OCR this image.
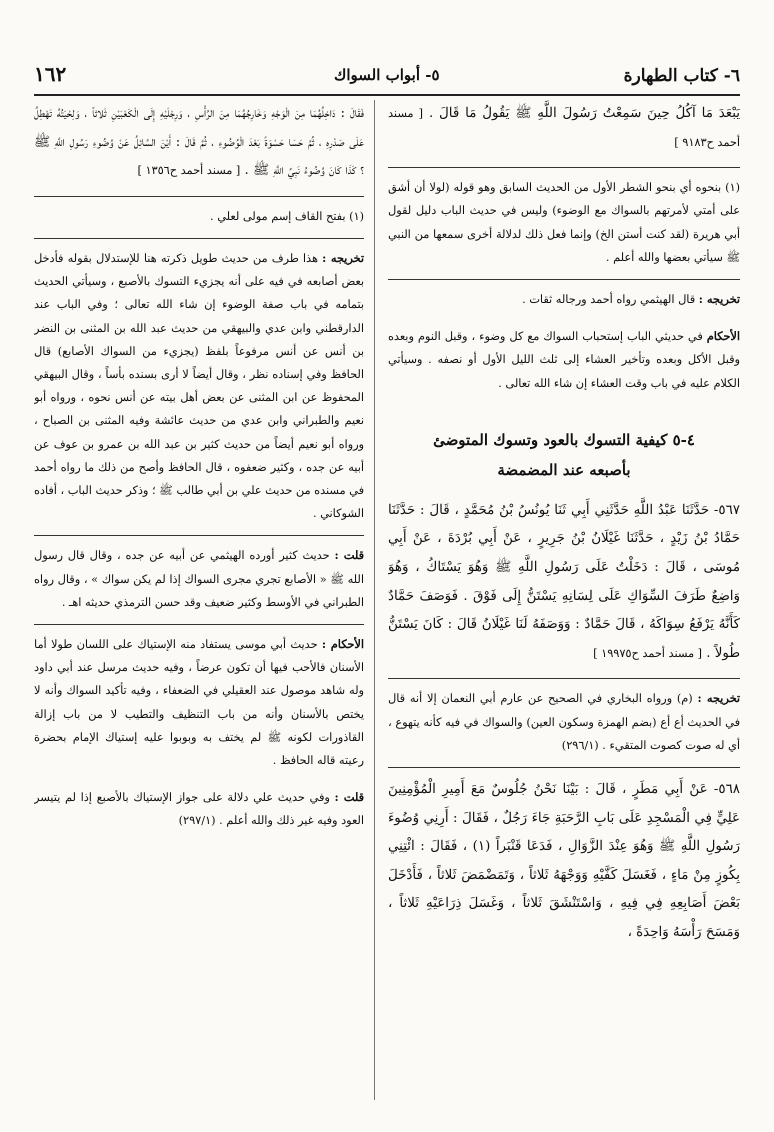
٦- كتاب الطهارة
٥- أبواب السواك
١٦٢

يَبْعَدَ مَا آكُلُ حِينَ سَمِعْتُ رَسُولَ اللَّهِ ﷺ يَقُولُ مَا قَالَ . [ مسند أحمد ح٩١٨٣ ]

(١) بنحوه أي بنحو الشطر الأول من الحديث السابق وهو قوله (لولا أن أشق على أمتي لأمرتهم بالسواك مع الوضوء) وليس في حديث الباب دليل لقول أبي هريرة (لقد كنت أستن الخ) وإنما فعل ذلك لدلالة أخرى سمعها من النبي ﷺ سيأتي بعضها والله أعلم .

تخريجه : قال الهيثمي رواه أحمد ورجاله ثقات .

الأحكام في حديثي الباب إستحباب السواك مع كل وضوء ، وقبل النوم وبعده وقبل الأكل وبعده وتأخير العشاء إلى ثلث الليل الأول أو نصفه . وسيأتي الكلام عليه في باب وقت العشاء إن شاء الله تعالى .

٤-٥ كيفية التسوك بالعود وتسوك المتوضئ
بأصبعه عند المضمضة

٥٦٧- حَدَّثَنَا عَبْدُ اللَّهِ حَدَّثَنِي أَبِي ثَنَا يُونُسُ بْنُ مُحَمَّدٍ ، قَالَ : حَدَّثَنَا حَمَّادُ بْنُ زَيْدٍ ، حَدَّثَنَا غَيْلَانُ بْنُ جَرِيرٍ ، عَنْ أَبِي بُرْدَةَ ، عَنْ أَبِي مُوسَى ، قَالَ : دَخَلْتُ عَلَى رَسُولِ اللَّهِ ﷺ وَهُوَ يَسْتَاكُ ، وَهُوَ وَاضِعٌ طَرَفَ السِّوَاكِ عَلَى لِسَانِهِ يَسْتَنُّ إِلَى فَوْقَ . فَوَصَفَ حَمَّادٌ كَأَنَّهُ يَرْفَعُ سِوَاكَهُ ، قَالَ حَمَّادٌ : وَوَصَفَهُ لَنَا غَيْلَانُ قَالَ : كَانَ يَسْتَنُّ طُولاً . [ مسند أحمد ح١٩٩٧٥ ]

تخريجه : (م) ورواه البخاري في الصحيح عن عارم أبي النعمان إلا أنه قال في الحديث أع أع (بضم الهمزة وسكون العين) والسواك في فيه كأنه يتهوع ، أي له صوت كصوت المتقيء . (٢٩٦/١)

٥٦٨- عَنْ أَبِي مَطَرٍ ، قَالَ : بَيْنَا نَحْنُ جُلُوسٌ مَعَ أَمِيرِ الْمُؤْمِنِينَ عَلِيٍّ فِي الْمَسْجِدِ عَلَى بَابِ الرَّحَبَةِ جَاءَ رَجُلٌ ، فَقَالَ : أَرِنِي وُضُوءَ رَسُولِ اللَّهِ ﷺ وَهُوَ عِنْدَ الزَّوَالِ ، فَدَعَا قَنْبَراً (١) ، فَقَالَ : ائْتِنِي بِكُوزٍ مِنْ مَاءٍ ، فَغَسَلَ كَفَّيْهِ وَوَجْهَهُ ثَلاثاً ، وَتَمَضْمَضَ ثَلاثاً ، فَأَدْخَلَ بَعْضَ أَصَابِعِهِ فِي فِيهِ ، وَاسْتَنْشَقَ ثَلاثاً ، وَغَسَلَ ذِرَاعَيْهِ ثَلاثاً ، وَمَسَحَ رَأْسَهُ وَاحِدَةً ،

فَقَالَ : دَاخِلُهُمَا مِنَ الْوَجْهِ وَخَارِجُهُمَا مِنَ الرَّأْسِ ، وَرِجْلَيْهِ إِلَى الْكَعْبَيْنِ ثَلاثاً ، وَلِحْيَتُهُ تَهْطِلُ عَلَى صَدْرِهِ ، ثُمَّ حَسَا حَسْوَةً بَعْدَ الْوُضُوءِ ، ثُمَّ قَالَ : أَيْنَ السَّائِلُ عَنْ وُضُوءِ رَسُولِ اللَّهِ ﷺ ؟ كَذَا كَانَ وُضُوءُ نَبِيِّ اللَّهِ ﷺ . [ مسند أحمد ح١٣٥٦ ]

(١) بفتح القاف إسم مولى لعلي .

تخريجه : هذا طرف من حديث طويل ذكرته هنا للإستدلال بقوله فأدخل بعض أصابعه في فيه على أنه يجزيء التسوك بالأصبع ، وسيأتي الحديث بتمامه في باب صفة الوضوء إن شاء الله تعالى ؛ وفي الباب عند الدارقطني وابن عدي والبيهقي من حديث عبد الله بن المثنى بن النضر بن أنس عن أنس مرفوعاً بلفظ (يجزيء من السواك الأصابع) قال الحافظ وفي إسناده نظر ، وقال أيضاً لا أرى بسنده بأساً ، وقال البيهقي المحفوظ عن ابن المثنى عن بعض أهل بيته عن أنس نحوه ، ورواه أبو نعيم والطبراني وابن عدي من حديث عائشة وفيه المثنى بن الصباح ، ورواه أبو نعيم أيضاً من حديث كثير بن عبد الله بن عمرو بن عوف عن أبيه عن جده ، وكثير ضعفوه ، قال الحافظ وأصح من ذلك ما رواه أحمد في مسنده من حديث علي بن أبي طالب ﷺ ؛ وذكر حديث الباب ، أفاده الشوكاني .

قلت : حديث كثير أورده الهيثمي عن أبيه عن جده ، وقال قال رسول الله ﷺ « الأصابع تجري مجرى السواك إذا لم يكن سواك » ، وقال رواه الطبراني في الأوسط وكثير ضعيف وقد حسن الترمذي حديثه اهـ .

الأحكام : حديث أبي موسى يستفاد منه الإستياك على اللسان طولا أما الأسنان فالأحب فيها أن تكون عرضاً ، وفيه حديث مرسل عند أبي داود وله شاهد موصول عند العقيلي في الضعفاء ، وفيه تأكيد السواك وأنه لا يختص بالأسنان وأنه من باب التنظيف والتطيب لا من باب إزالة القاذورات لكونه ﷺ لم يختف به وبوبوا عليه إستياك الإمام بحضرة رعيته قاله الحافظ .

قلت : وفي حديث علي دلالة على جواز الإستياك بالأصبع إذا لم يتيسر العود وفيه غير ذلك والله أعلم . (٢٩٧/١)
